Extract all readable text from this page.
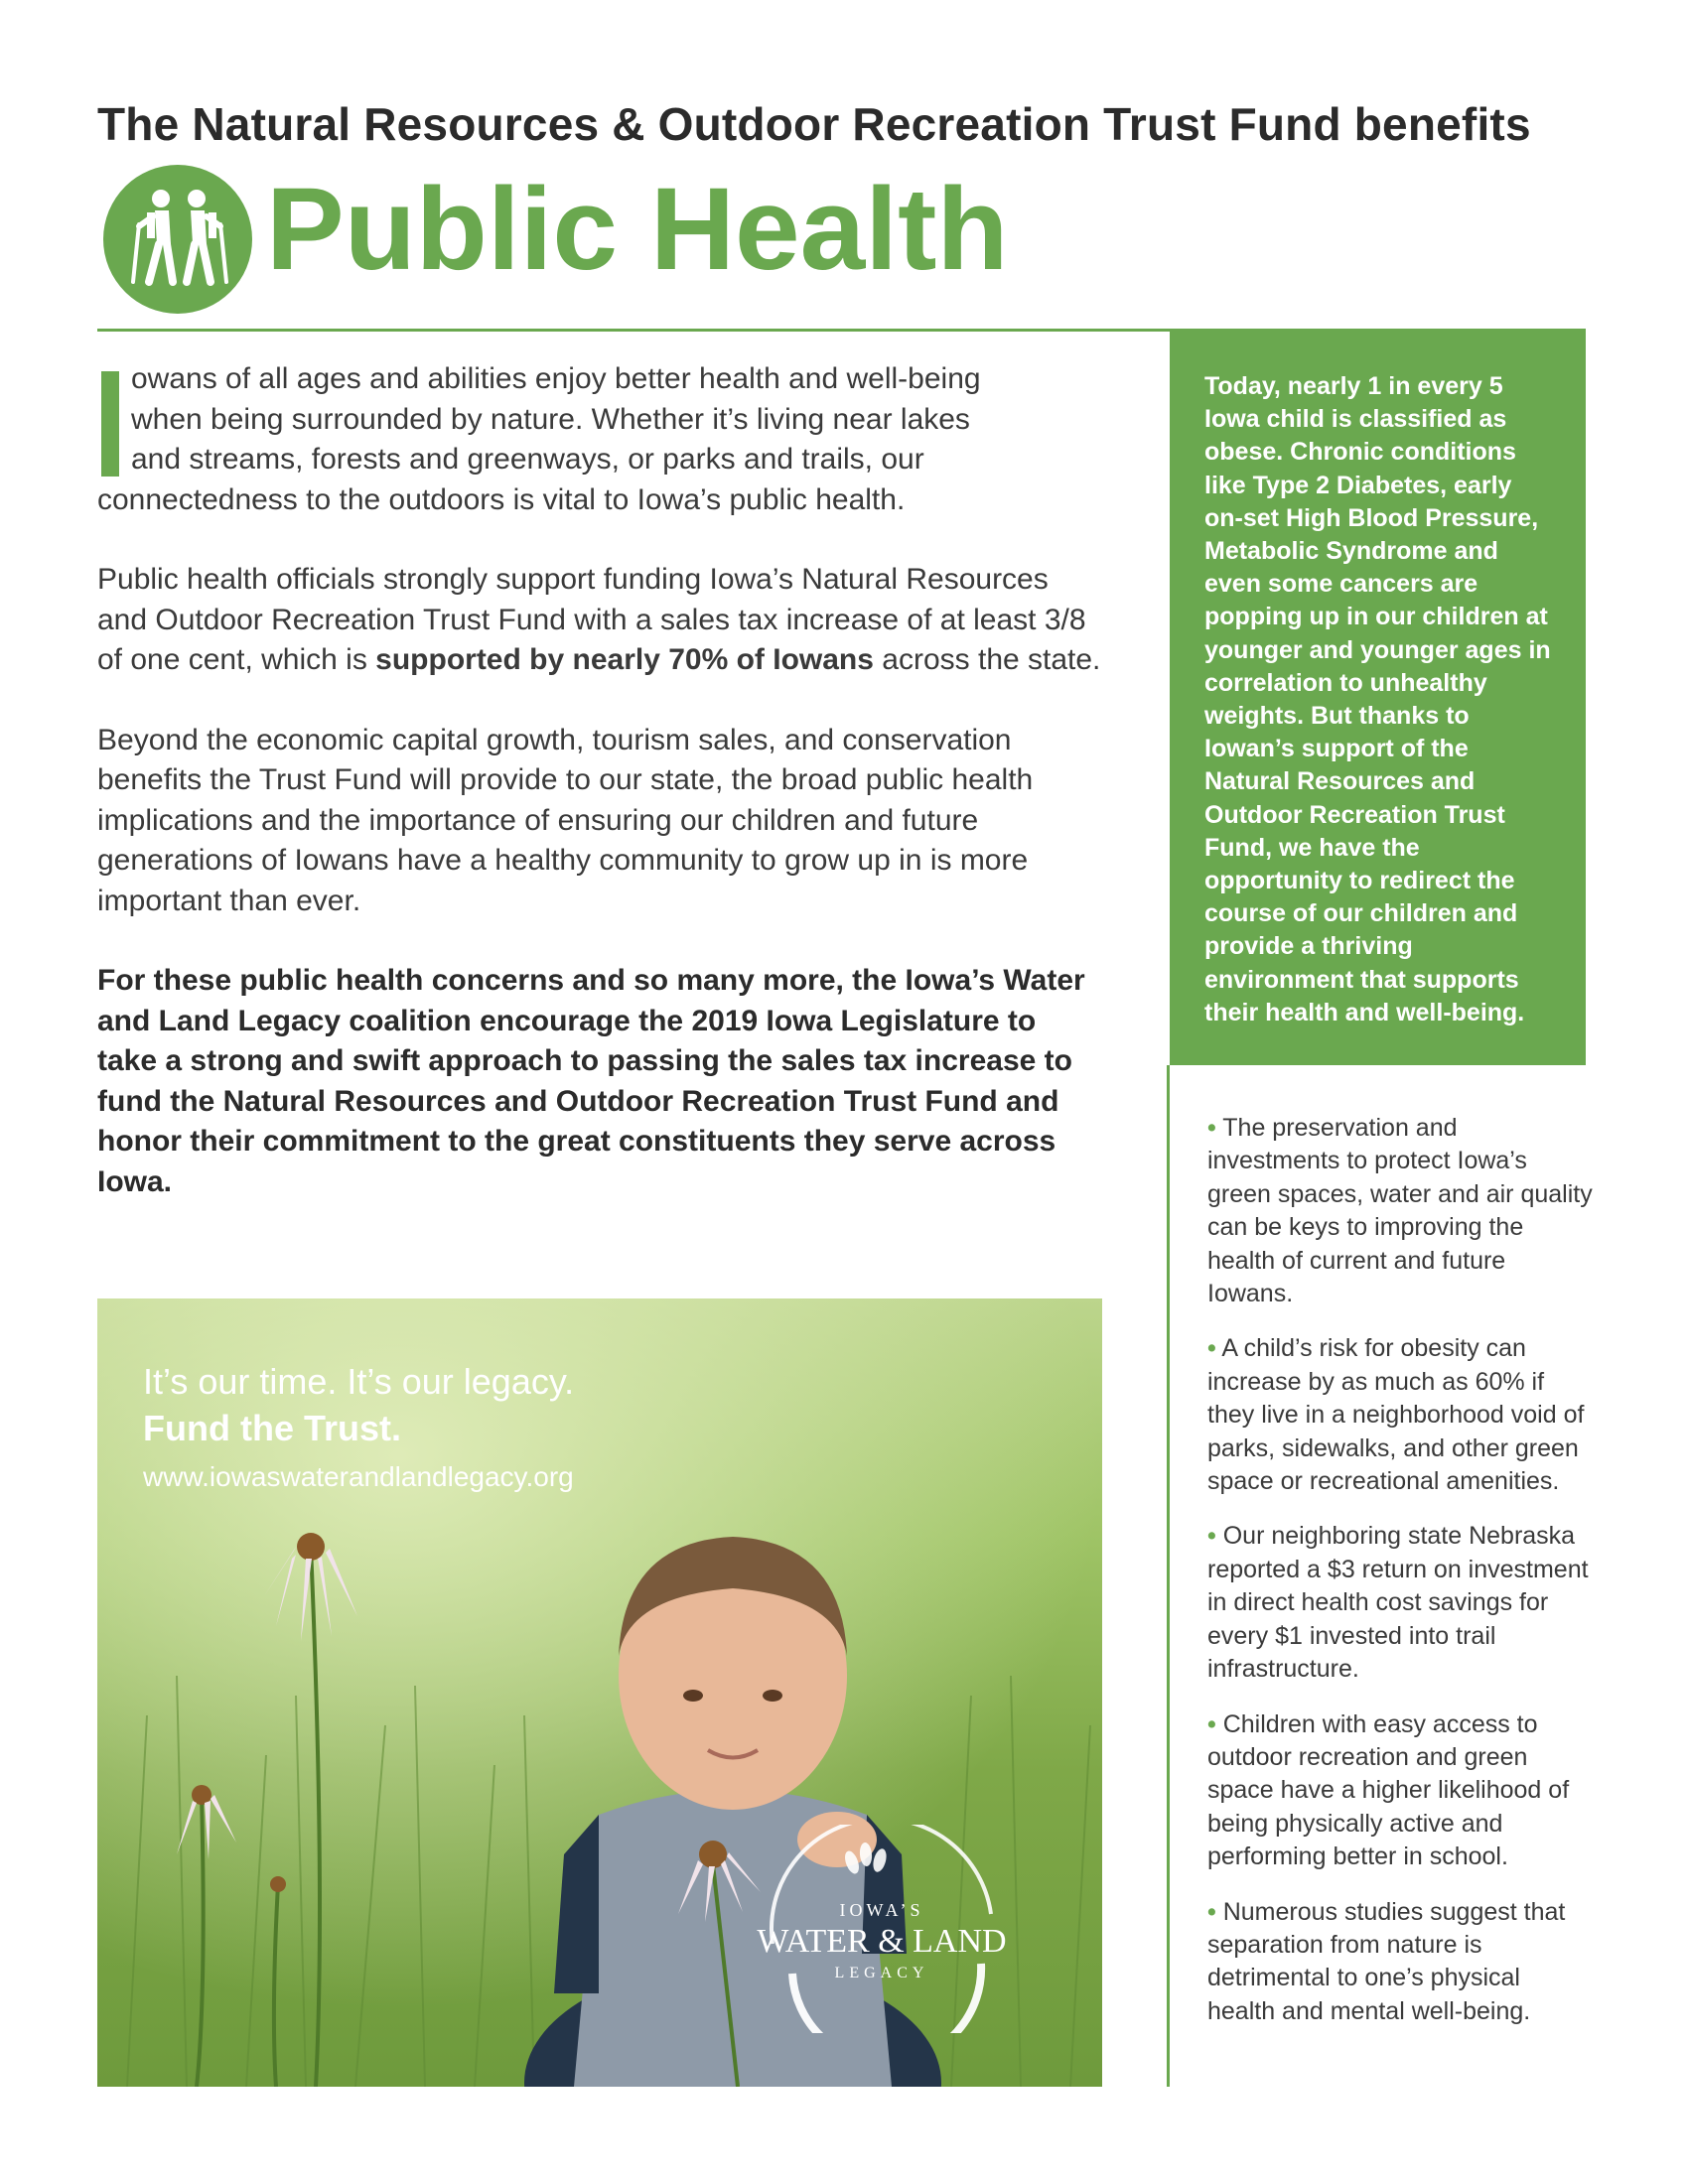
The Natural Resources & Outdoor Recreation Trust Fund benefits
Public Health

owans of all ages and abilities enjoy better health and well-being
when being surrounded by nature. Whether it’s living near lakes
and streams, forests and greenways, or parks and trails, our
connectedness to the outdoors is vital to Iowa’s public health.

Public health officials strongly support funding Iowa’s Natural Resources and Outdoor Recreation Trust Fund with a sales tax increase of at least 3/8 of one cent, which is supported by nearly 70% of Iowans across the state.

Beyond the economic capital growth, tourism sales, and conservation benefits the Trust Fund will provide to our state, the broad public health implications and the importance of ensuring our children and future generations of Iowans have a healthy community to grow up in is more important than ever.

For these public health concerns and so many more, the Iowa’s Water and Land Legacy coalition encourage the 2019 Iowa Legislature to take a strong and swift approach to passing the sales tax increase to fund the Natural Resources and Outdoor Recreation Trust Fund and honor their commitment to the great constituents they serve across Iowa.

Today, nearly 1 in every 5 Iowa child is classified as obese. Chronic conditions like Type 2 Diabetes, early on-set High Blood Pressure, Metabolic Syndrome and even some cancers are popping up in our children at younger and younger ages in correlation to unhealthy weights. But thanks to Iowan’s support of the Natural Resources and Outdoor Recreation Trust Fund, we have the opportunity to redirect the course of our children and provide a thriving environment that supports their health and well-being.
• The preservation and investments to protect Iowa’s green spaces, water and air quality can be keys to improving the health of current and future Iowans.
• A child’s risk for obesity can increase by as much as 60% if they live in a neighborhood void of parks, sidewalks, and other green space or recreational amenities.
• Our neighboring state Nebraska reported a $3 return on investment in direct health cost savings for every $1 invested into trail infrastructure.
• Children with easy access to outdoor recreation and green space have a higher likelihood of being physically active and performing better in school.
• Numerous studies suggest that separation from nature is detrimental to one’s physical health and mental well-being.
It’s our time. It’s our legacy.
Fund the Trust.
www.iowaswaterandlandlegacy.org
IOWA’S
WATER & LAND
LEGACY
